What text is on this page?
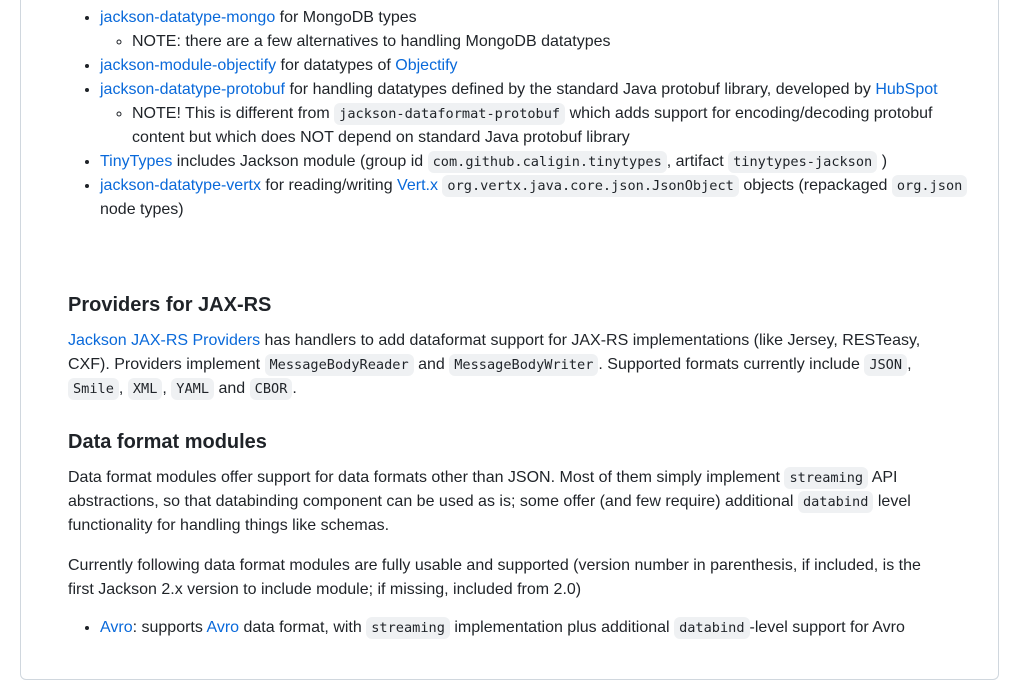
• jackson-datatype-mongo for MongoDB types
◦ NOTE: there are a few alternatives to handling MongoDB datatypes
• jackson-module-objectify for datatypes of Objectify
• jackson-datatype-protobuf for handling datatypes defined by the standard Java protobuf library, developed by HubSpot
◦ NOTE! This is different from jackson-dataformat-protobuf which adds support for encoding/decoding protobuf content but which does NOT depend on standard Java protobuf library
• TinyTypes includes Jackson module (group id com.github.caligin.tinytypes , artifact tinytypes-jackson )
• jackson-datatype-vertx for reading/writing Vert.x org.vertx.java.core.json.JsonObject objects (repackaged org.json node types)
Providers for JAX-RS

Jackson JAX-RS Providers has handlers to add dataformat support for JAX-RS implementations (like Jersey, RESTeasy, CXF). Providers implement MessageBodyReader and MessageBodyWriter . Supported formats currently include JSON , Smile , XML , YAML and CBOR .

Data format modules

Data format modules offer support for data formats other than JSON. Most of them simply implement streaming API abstractions, so that databinding component can be used as is; some offer (and few require) additional databind level functionality for handling things like schemas.

Currently following data format modules are fully usable and supported (version number in parenthesis, if included, is the first Jackson 2.x version to include module; if missing, included from 2.0)

• Avro: supports Avro data format, with streaming implementation plus additional databind -level support for Avro
